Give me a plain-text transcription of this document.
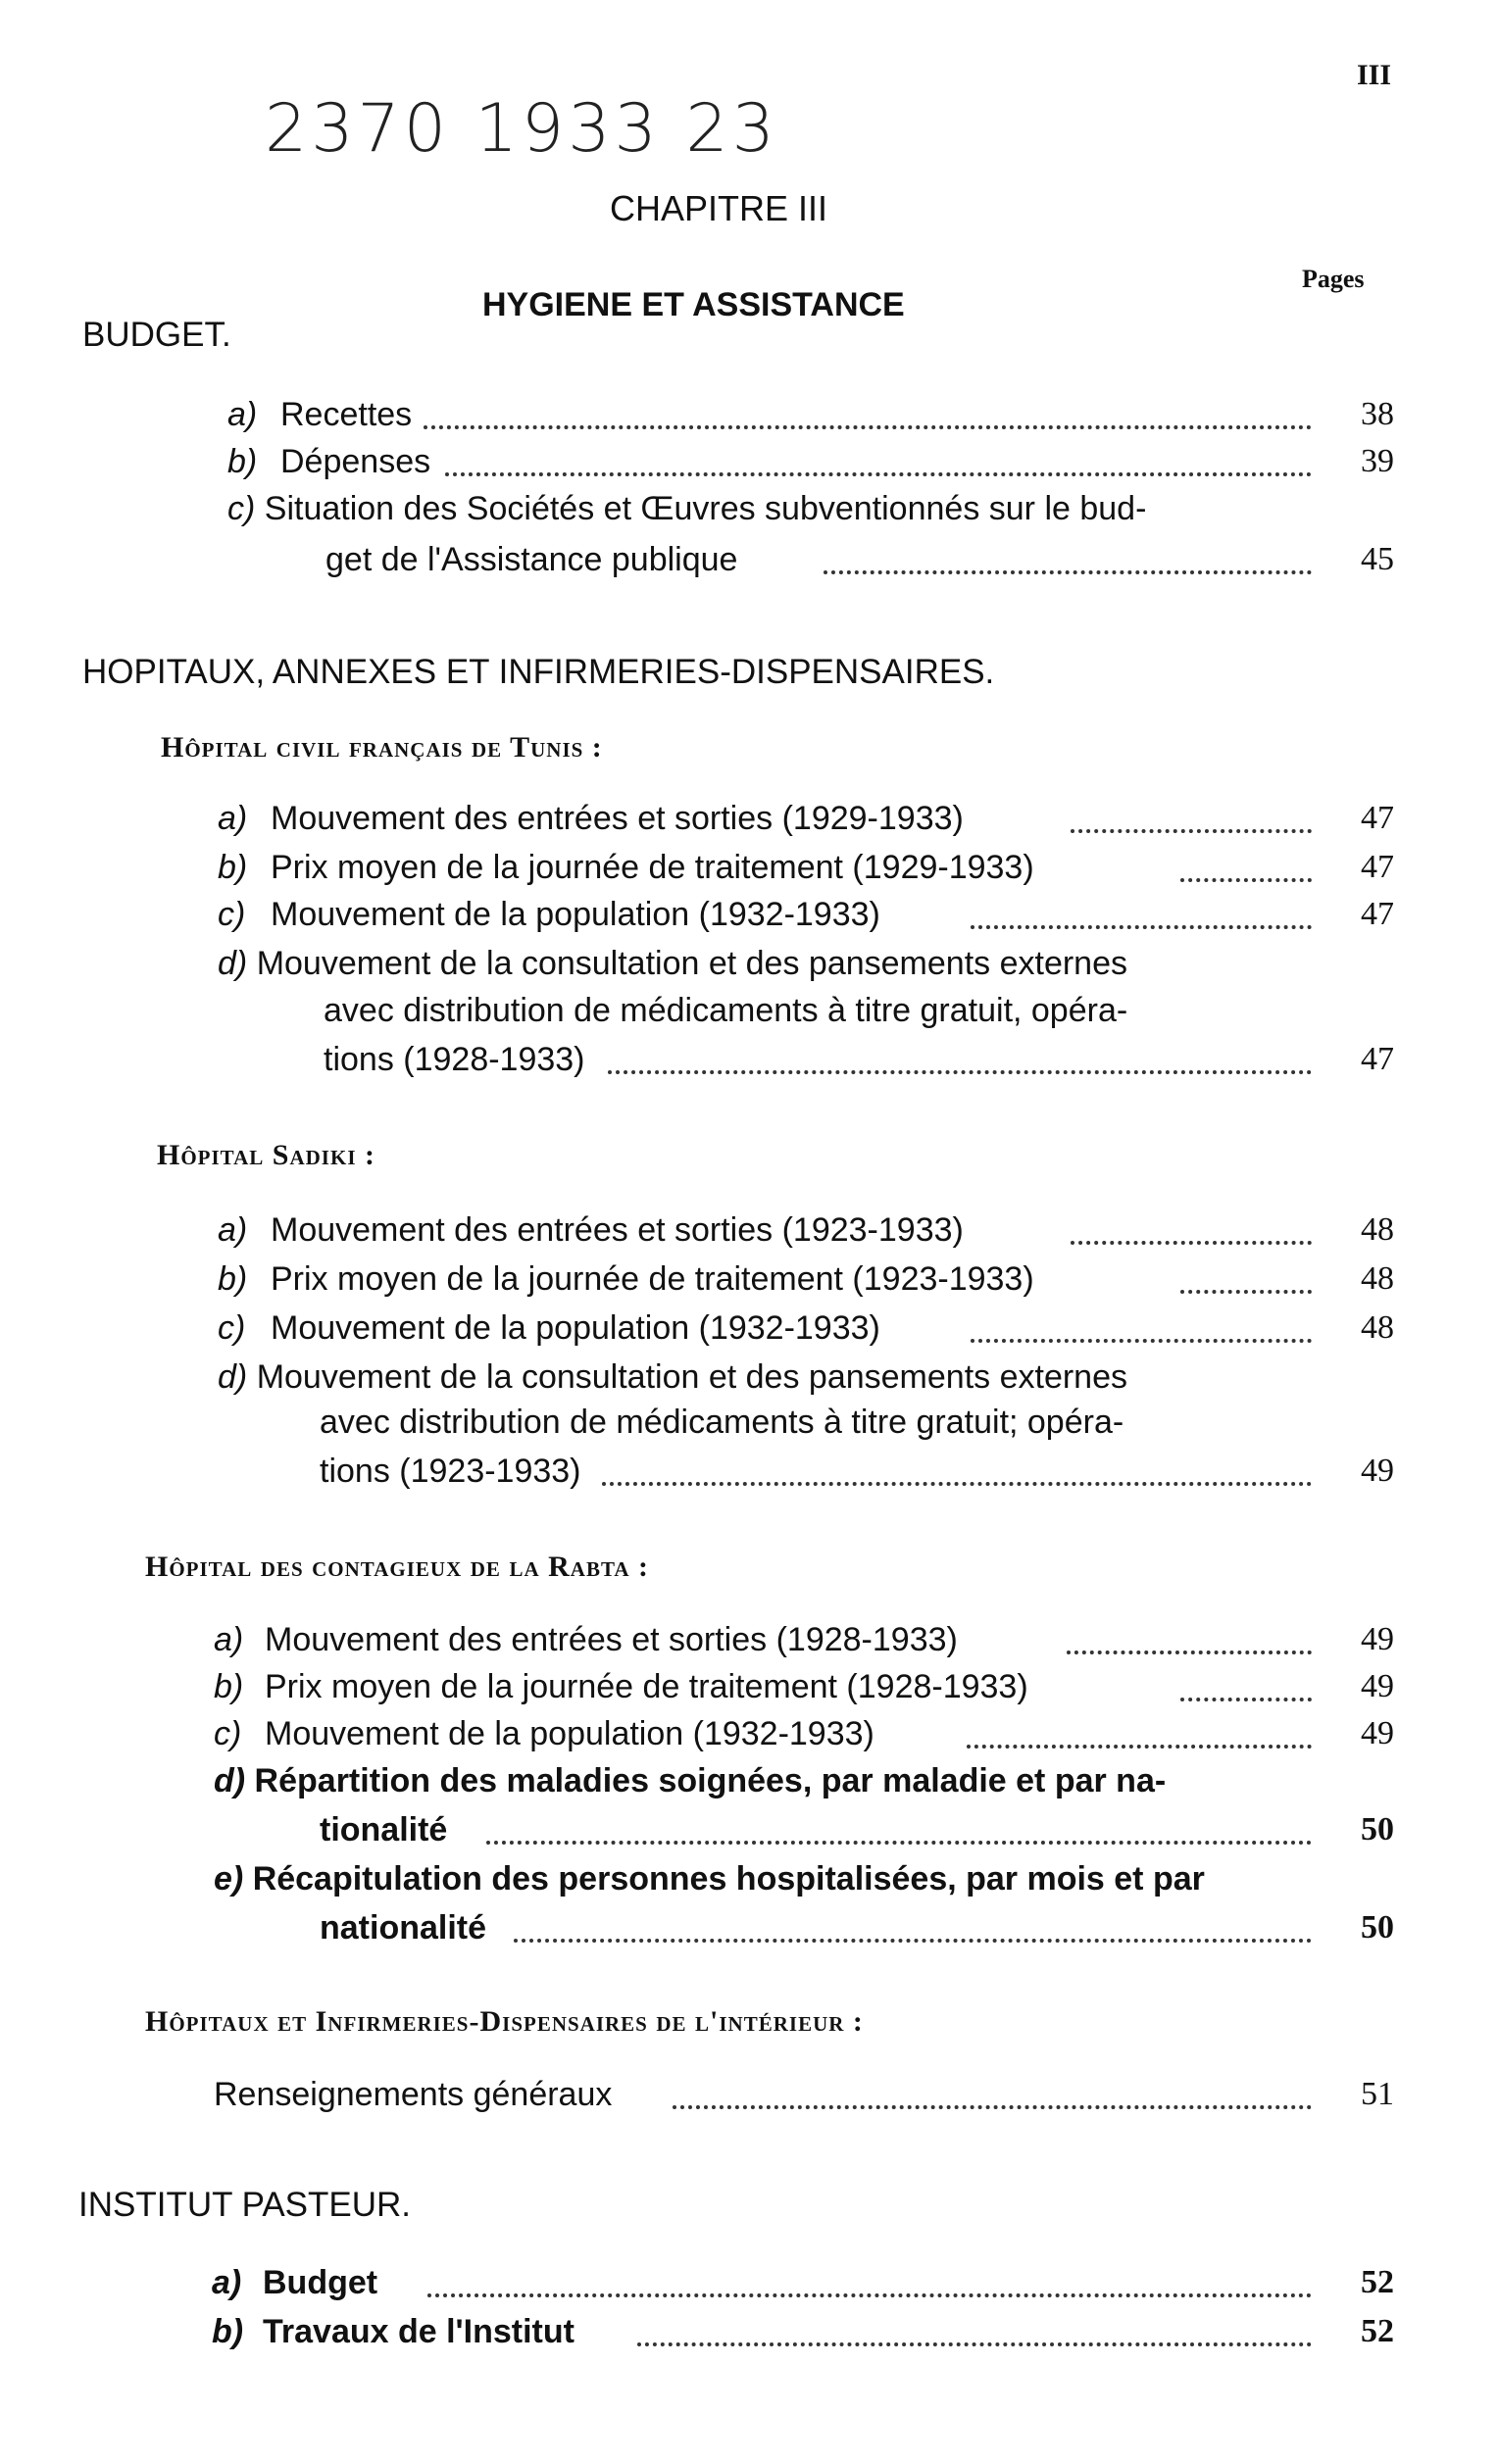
2370 1933 23
III
CHAPITRE III
HYGIENE ET ASSISTANCE
Pages
BUDGET.
a) Recettes	38
b) Dépenses	39
c) Situation des Sociétés et Œuvres subventionnés sur le bud-
get de l'Assistance publique	45
HOPITAUX, ANNEXES ET INFIRMERIES-DISPENSAIRES.
Hôpital civil français de Tunis :
a) Mouvement des entrées et sorties (1929-1933)	47
b) Prix moyen de la journée de traitement (1929-1933)	47
c) Mouvement de la population (1932-1933)	47
d) Mouvement de la consultation et des pansements externes
avec distribution de médicaments à titre gratuit, opéra-
tions (1928-1933)	47
Hôpital Sadiki :
a) Mouvement des entrées et sorties (1923-1933)	48
b) Prix moyen de la journée de traitement (1923-1933)	48
c) Mouvement de la population (1932-1933)	48
d) Mouvement de la consultation et des pansements externes
avec distribution de médicaments à titre gratuit; opéra-
tions (1923-1933)	49
Hôpital des contagieux de la Rabta :
a) Mouvement des entrées et sorties (1928-1933)	49
b) Prix moyen de la journée de traitement (1928-1933)	49
c) Mouvement de la population (1932-1933)	49
d) Répartition des maladies soignées, par maladie et par na-
tionalité	50
e) Récapitulation des personnes hospitalisées, par mois et par
nationalité	50
Hôpitaux et Infirmeries-Dispensaires de l'intérieur :
Renseignements généraux	51
INSTITUT PASTEUR.
a) Budget	52
b) Travaux de l'Institut	52
